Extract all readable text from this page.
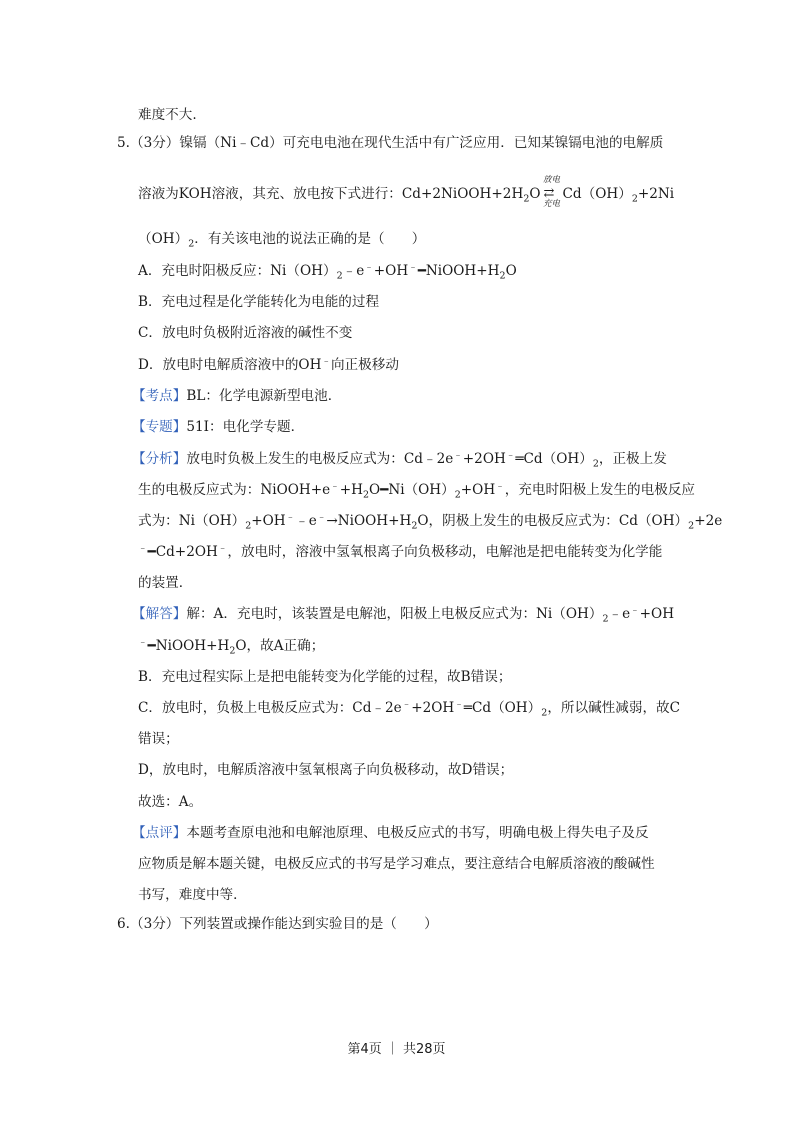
难度不大.
5.（3分）镍镉（Ni﹣Cd）可充电电池在现代生活中有广泛应用．已知某镍镉电池的电解质
溶液为KOH溶液，其充、放电按下式进行：$Cd+2NiOOH+2H_2O$
放电
⇄
充电
$Cd(OH)_2+2Ni$
$(OH)_2$．有关该电池的说法正确的是（　　）
A．充电时阳极反应：$Ni(OH)_2﹣e^﹣+OH^﹣━NiOOH+H_2O$
B．充电过程是化学能转化为电能的过程
C．放电时负极附近溶液的碱性不变
D．放电时电解质溶液中的OH﹣向正极移动
【考点】BL：化学电源新型电池．
【专题】51I：电化学专题．
【分析】放电时负极上发生的电极反应式为：$Cd﹣2e^﹣+2OH^﹣═Cd(OH)_2$，正极上发
生的电极反应式为：$NiOOH+e^﹣+H_2O━Ni(OH)_2+OH^﹣$，充电时阳极上发生的电极反应
式为：$Ni(OH)_2+OH^﹣﹣e^﹣\to NiOOH+H_2O$，阴极上发生的电极反应式为：$Cd(OH)_2+2e$
﹣━Cd+2OH﹣，放电时，溶液中氢氧根离子向负极移动，电解池是把电能转变为化学能
的装置．
【解答】解：A．充电时，该装置是电解池，阳极上电极反应式为：$Ni(OH)_2﹣e^﹣+OH$
$^﹣━NiOOH+H_2O$，故A正确；
B．充电过程实际上是把电能转变为化学能的过程，故B错误；
C．放电时，负极上电极反应式为：$Cd﹣2e^﹣+2OH^﹣═Cd(OH)_2$，所以碱性减弱，故C
错误；
D，放电时，电解质溶液中氢氧根离子向负极移动，故D错误；
故选：A。
【点评】本题考查原电池和电解池原理、电极反应式的书写，明确电极上得失电子及反
应物质是解本题关键，电极反应式的书写是学习难点，要注意结合电解质溶液的酸碱性
书写，难度中等．
6.（3分）下列装置或操作能达到实验目的是（　　）
第4页 ｜ 共28页
